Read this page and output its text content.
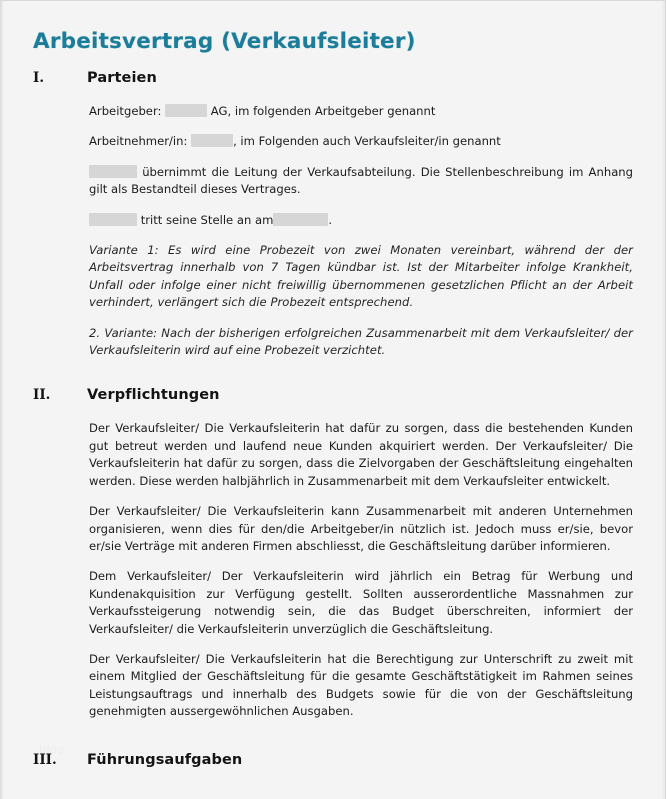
Arbeitsvertrag (Verkaufsleiter)
I.	Parteien

Arbeitgeber:	AG, im folgenden Arbeitgeber genannt

Arbeitnehmer/in:	, im Folgenden auch Verkaufsleiter/in genannt

übernimmt die Leitung der Verkaufsabteilung. Die Stellenbeschreibung im Anhang gilt als Bestandteil dieses Vertrages.

tritt seine Stelle an am	.

Variante 1: Es wird eine Probezeit von zwei Monaten vereinbart, während der der Arbeitsvertrag innerhalb von 7 Tagen kündbar ist. Ist der Mitarbeiter infolge Krankheit, Unfall oder infolge einer nicht freiwillig übernommenen gesetzlichen Pflicht an der Arbeit verhindert, verlängert sich die Probezeit entsprechend.

2. Variante: Nach der bisherigen erfolgreichen Zusammenarbeit mit dem Verkaufsleiter/ der Verkaufsleiterin wird auf eine Probezeit verzichtet.

II.	Verpflichtungen

Der Verkaufsleiter/ Die Verkaufsleiterin hat dafür zu sorgen, dass die bestehenden Kunden gut betreut werden und laufend neue Kunden akquiriert werden. Der Verkaufsleiter/ Die Verkaufsleiterin hat dafür zu sorgen, dass die Zielvorgaben der Geschäftsleitung eingehalten werden. Diese werden halbjährlich in Zusammenarbeit mit dem Verkaufsleiter entwickelt.

Der Verkaufsleiter/ Die Verkaufsleiterin kann Zusammenarbeit mit anderen Unternehmen organisieren, wenn dies für den/die Arbeitgeber/in nützlich ist. Jedoch muss er/sie, bevor er/sie Verträge mit anderen Firmen abschliesst, die Geschäftsleitung darüber informieren.

Dem Verkaufsleiter/ Der Verkaufsleiterin wird jährlich ein Betrag für Werbung und Kundenakquisition zur Verfügung gestellt. Sollten ausserordentliche Massnahmen zur Verkaufssteigerung notwendig sein, die das Budget überschreiten, informiert der Verkaufsleiter/ die Verkaufsleiterin unverzüglich die Geschäftsleitung.

Der Verkaufsleiter/ Die Verkaufsleiterin hat die Berechtigung zur Unterschrift zu zweit mit einem Mitglied der Geschäftsleitung für die gesamte Geschäftstätigkeit im Rahmen seines Leistungsauftrags und innerhalb des Budgets sowie für die von der Geschäftsleitung genehmigten aussergewöhnlichen Ausgaben.

III.	Führungsaufgaben
blog
